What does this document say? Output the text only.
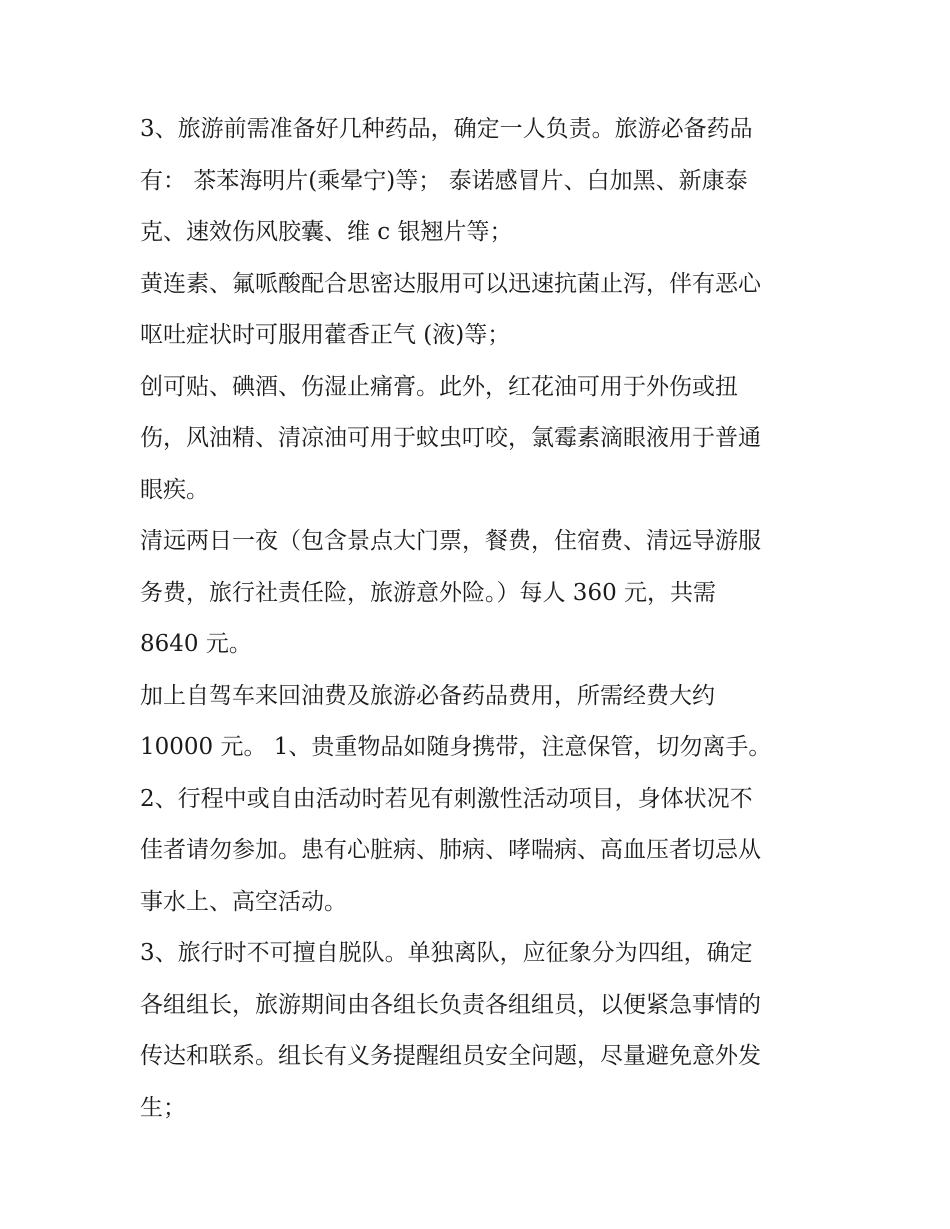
3、旅游前需准备好几种药品，确定一人负责。旅游必备药品
有： 茶苯海明片(乘晕宁)等； 泰诺感冒片、白加黑、新康泰
克、速效伤风胶囊、维 c 银翘片等；

黄连素、氟哌酸配合思密达服用可以迅速抗菌止泻，伴有恶心
呕吐症状时可服用藿香正气 (液)等；

创可贴、碘酒、伤湿止痛膏。此外，红花油可用于外伤或扭
伤，风油精、清凉油可用于蚊虫叮咬，氯霉素滴眼液用于普通
眼疾。

清远两日一夜（包含景点大门票，餐费，住宿费、清远导游服
务费，旅行社责任险，旅游意外险。）每人 360 元，共需
8640 元。

加上自驾车来回油费及旅游必备药品费用，所需经费大约
10000 元。 1、贵重物品如随身携带，注意保管，切勿离手。

2、行程中或自由活动时若见有刺激性活动项目，身体状况不
佳者请勿参加。患有心脏病、肺病、哮喘病、高血压者切忌从
事水上、高空活动。

3、旅行时不可擅自脱队。单独离队，应征象分为四组，确定
各组组长，旅游期间由各组长负责各组组员，以便紧急事情的
传达和联系。组长有义务提醒组员安全问题，尽量避免意外发
生；
